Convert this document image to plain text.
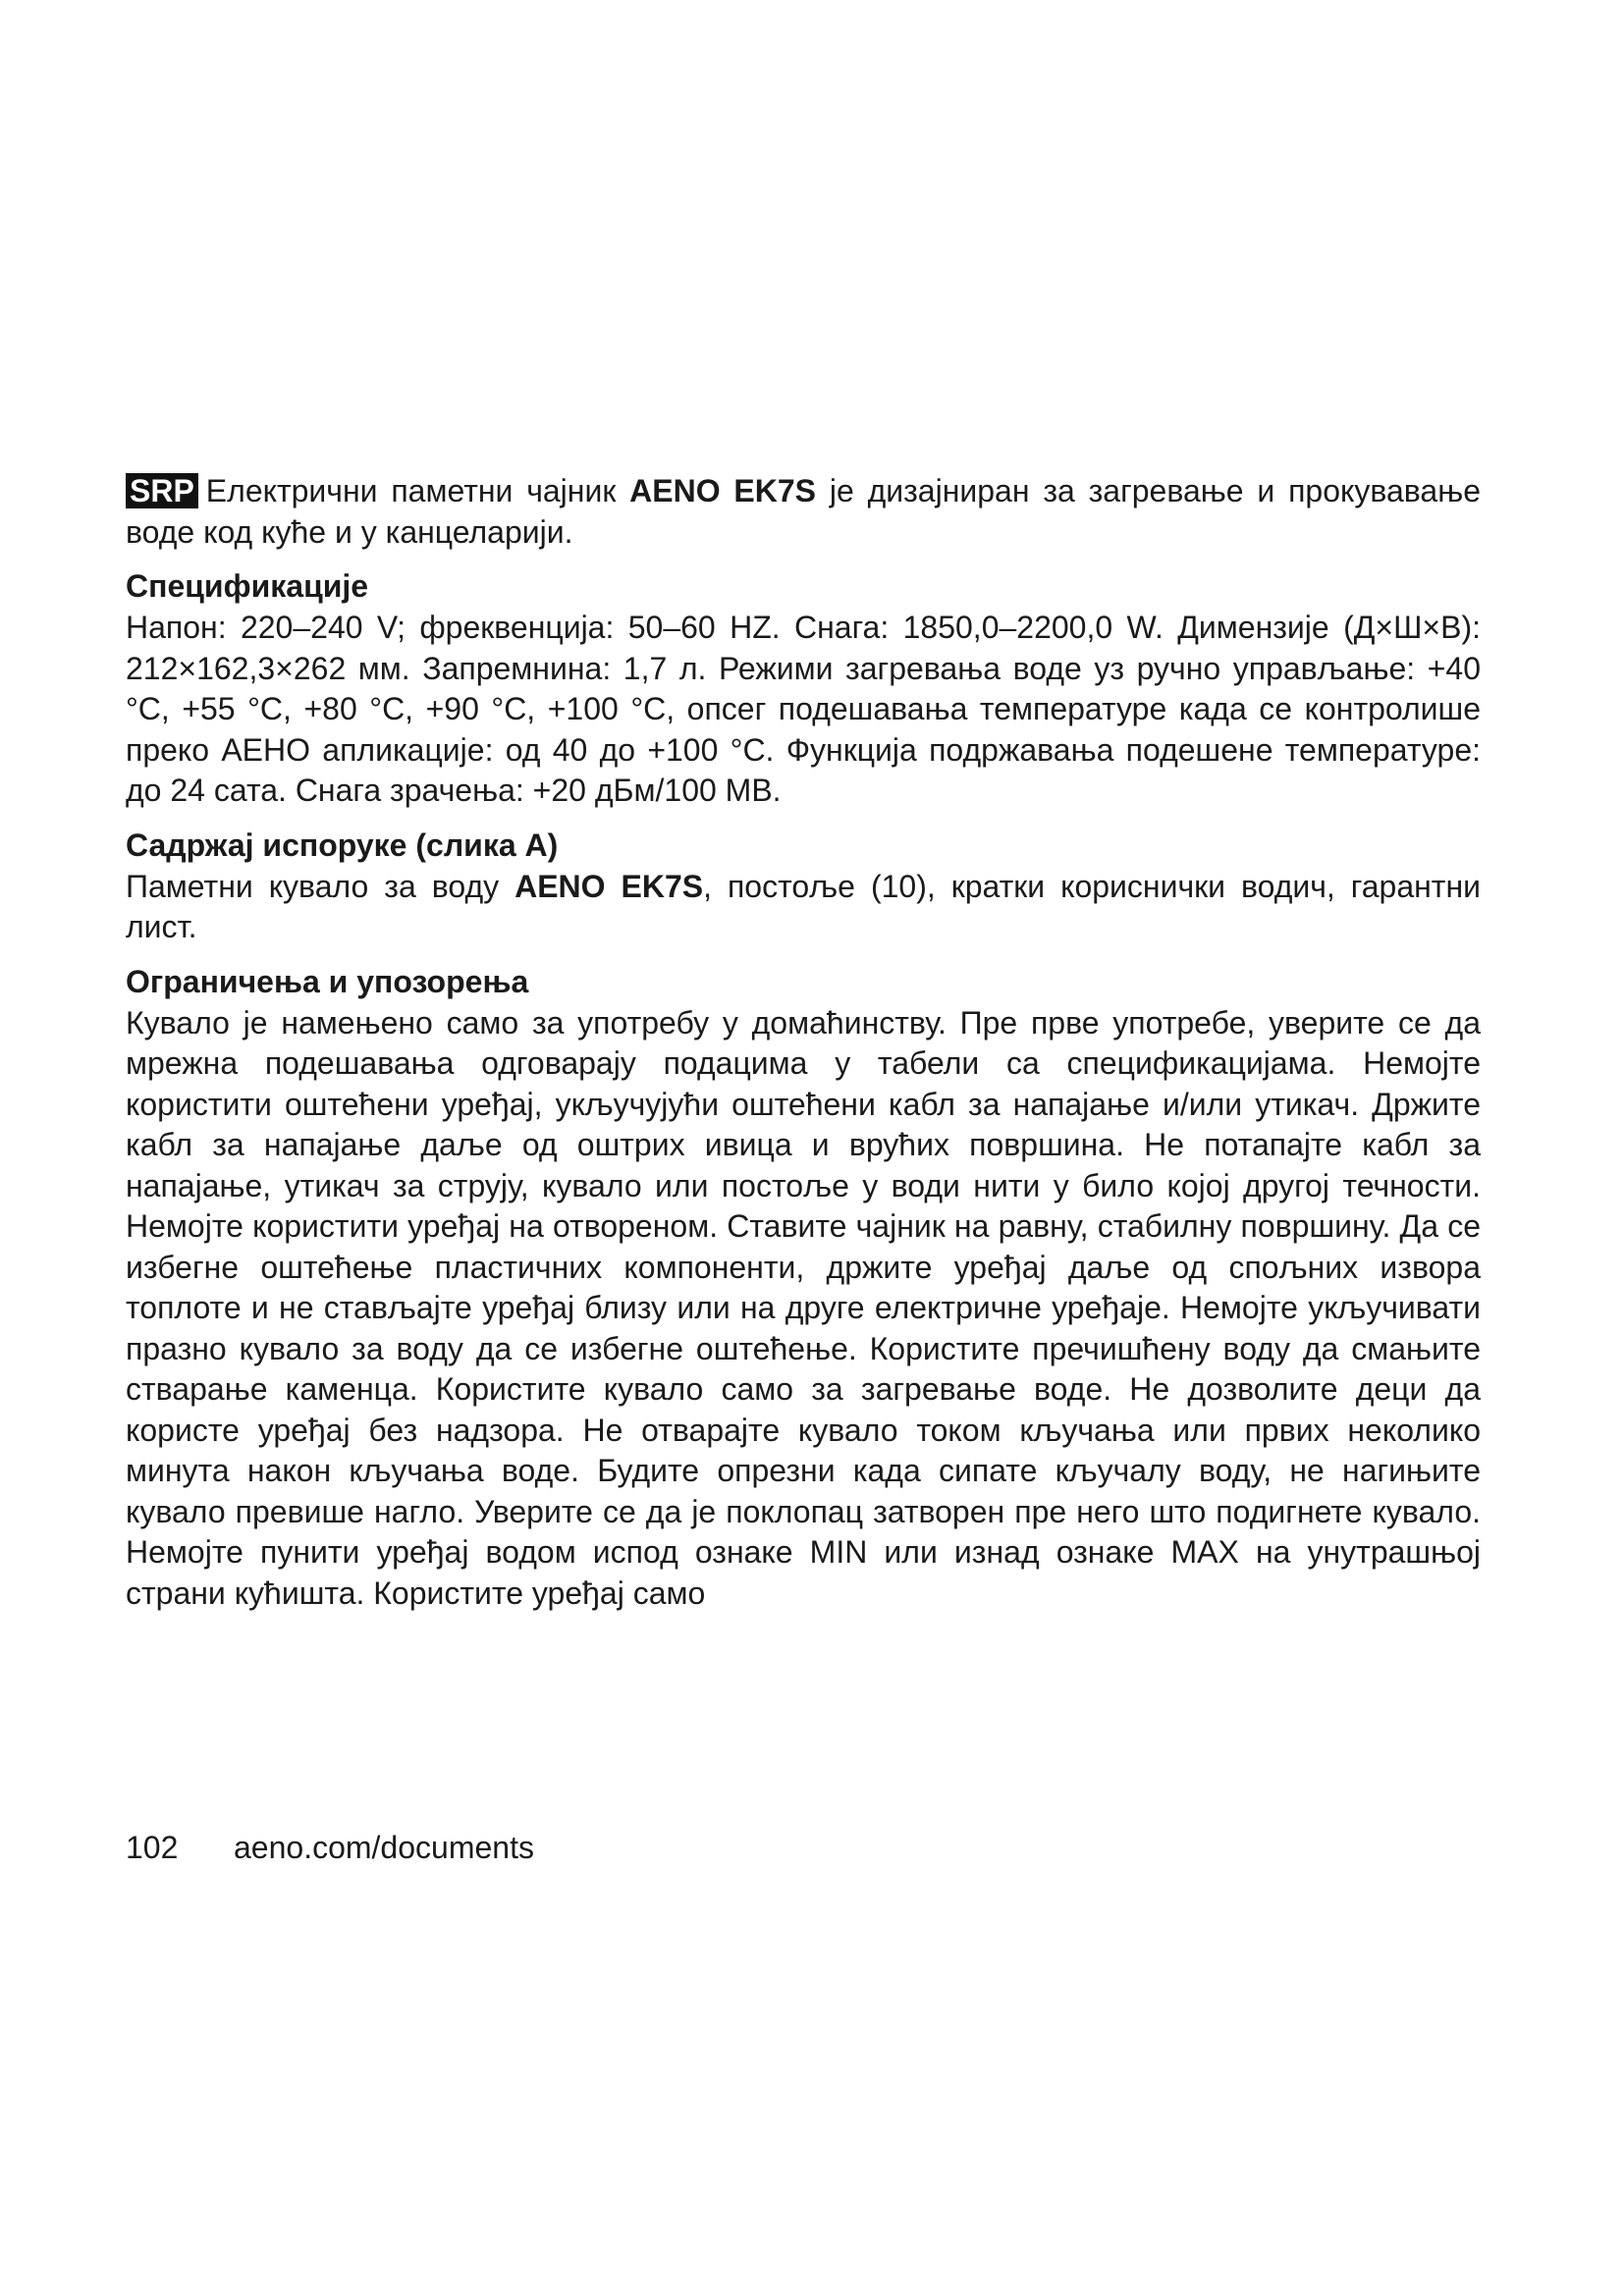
SRP Електрични паметни чајник AENO EK7S је дизајниран за загревање и прокувавање воде код куће и у канцеларији.

Спецификације

Напон: 220–240 V; фреквенција: 50–60 HZ. Снага: 1850,0–2200,0 W. Димензије (Д×Ш×В): 212×162,3×262 мм. Запремнина: 1,7 л. Режими загревања воде уз ручно управљање: +40 °C, +55 °C, +80 °C, +90 °C, +100 °C, опсег подешавања температуре када се контролише преко АЕНО апликације: од 40 до +100 °C. Функција подржавања подешене температуре: до 24 сата. Снага зрачења: +20 дБм/100 МВ.

Садржај испоруке (слика А)

Паметни кувало за воду AENO EK7S, постоље (10), кратки кориснички водич, гарантни лист.

Ограничења и упозорења

Кувало је намењено само за употребу у домаћинству. Пре прве употребе, уверите се да мрежна подешавања одговарају подацима у табели са спецификацијама. Немојте користити оштећени уређај, укључујући оштећени кабл за напајање и/или утикач. Држите кабл за напајање даље од оштрих ивица и врућих површина. Не потапајте кабл за напајање, утикач за струју, кувало или постоље у води нити у било којој другој течности. Немојте користити уређај на отвореном. Ставите чајник на равну, стабилну површину. Да се избегне оштећење пластичних компоненти, држите уређај даље од спољних извора топлоте и не стављајте уређај близу или на друге електричне уређаје. Немојте укључивати празно кувало за воду да се избегне оштећење. Користите пречишћену воду да смањите стварање каменца. Користите кувало само за загревање воде. Не дозволите деци да користе уређај без надзора. Не отварајте кувало током кључања или првих неколико минута након кључања воде. Будите опрезни када сипате кључалу воду, не нагињите кувало превише нагло. Уверите се да је поклопац затворен пре него што подигнете кувало. Немојте пунити уређај водом испод ознаке MIN или изнад ознаке MAX на унутрашњој страни кућишта. Користите уређај само

102 aeno.com/documents
